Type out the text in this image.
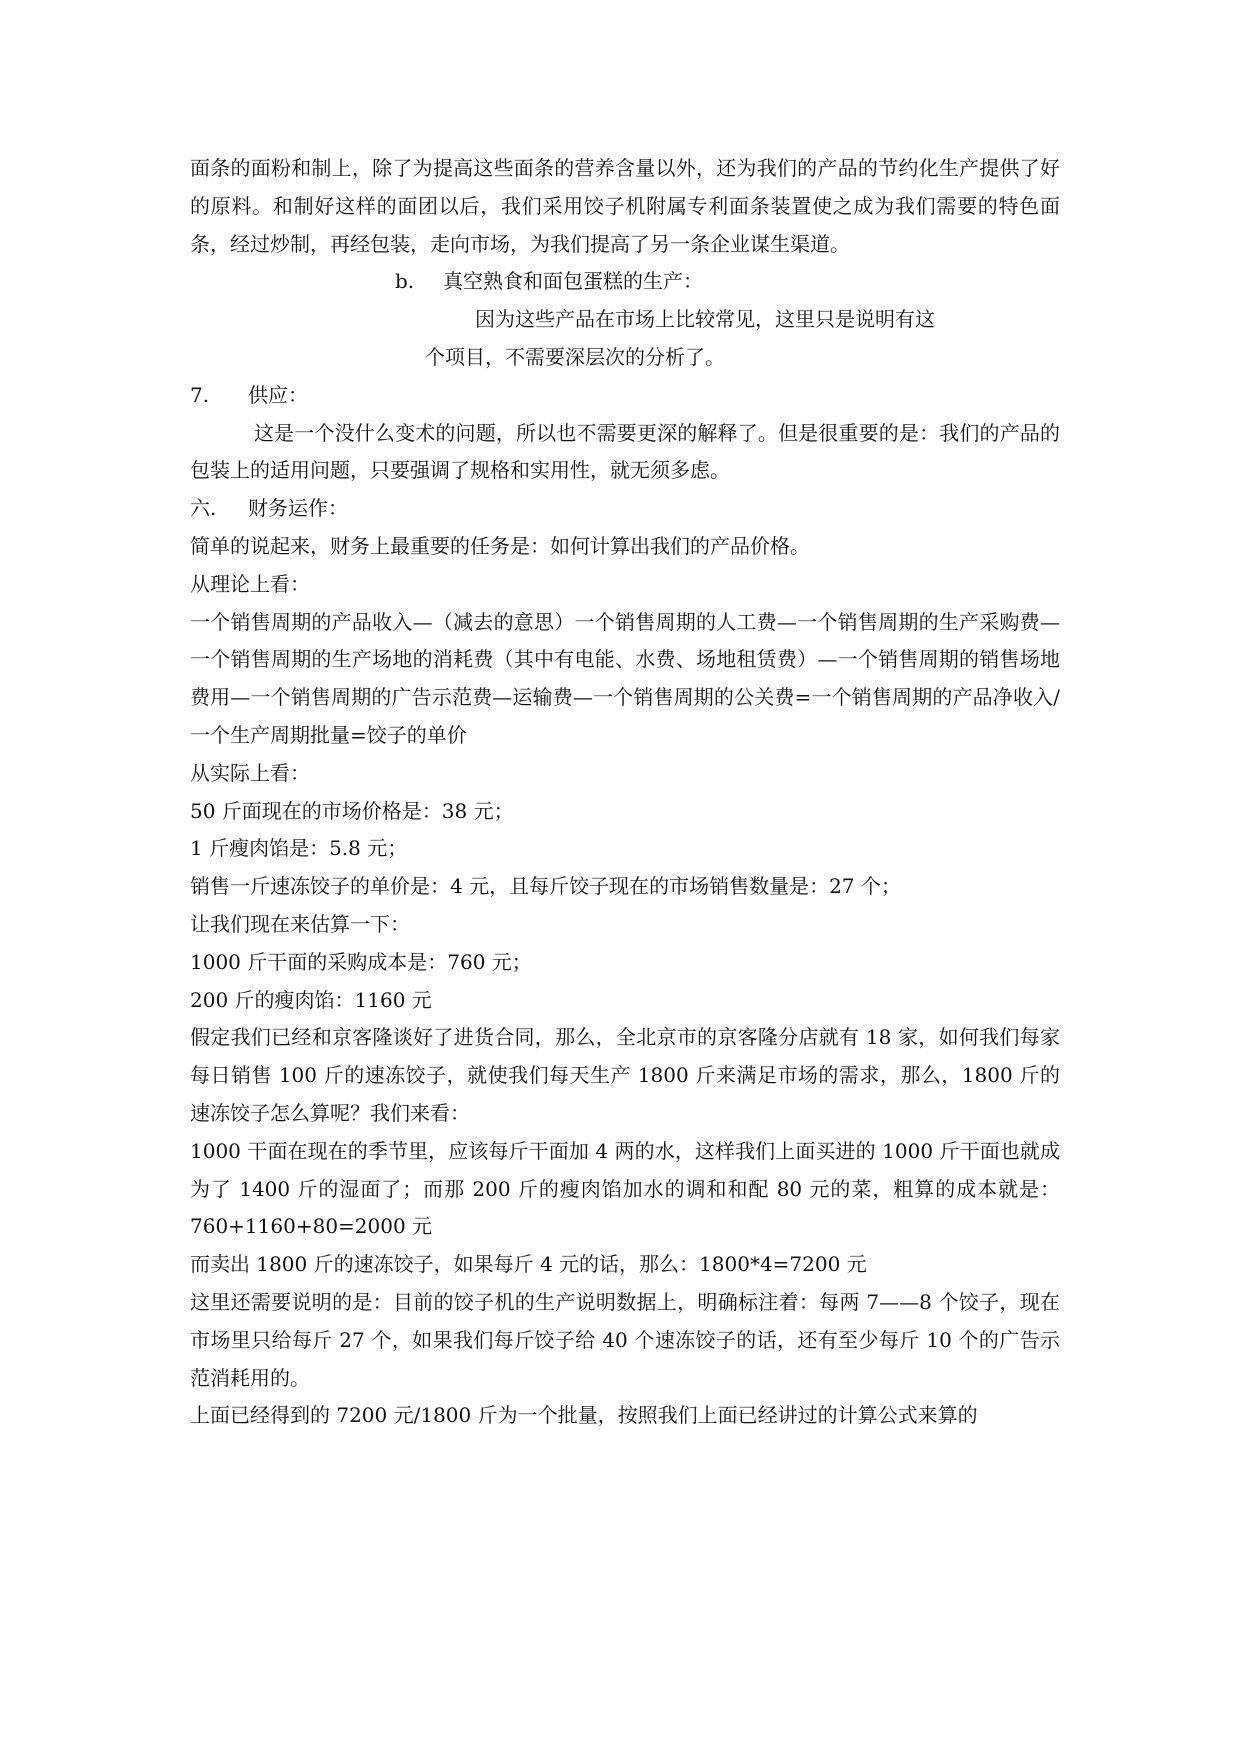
面条的面粉和制上，除了为提高这些面条的营养含量以外，还为我们的产品的节约化生产提供了好的原料。和制好这样的面团以后，我们采用饺子机附属专利面条装置使之成为我们需要的特色面条，经过炒制，再经包装，走向市场，为我们提高了另一条企业谋生渠道。

b. 真空熟食和面包蛋糕的生产：

因为这些产品在市场上比较常见，这里只是说明有这
个项目，不需要深层次的分析了。

7. 供应：

这是一个没什么变术的问题，所以也不需要更深的解释了。但是很重要的是：我们的产品的包装上的适用问题，只要强调了规格和实用性，就无须多虑。

六. 财务运作：

简单的说起来，财务上最重要的任务是：如何计算出我们的产品价格。

从理论上看：

一个销售周期的产品收入—（减去的意思）一个销售周期的人工费—一个销售周期的生产采购费—一个销售周期的生产场地的消耗费（其中有电能、水费、场地租赁费）—一个销售周期的销售场地费用—一个销售周期的广告示范费—运输费—一个销售周期的公关费=一个销售周期的产品净收入/一个生产周期批量=饺子的单价

从实际上看：

50 斤面现在的市场价格是：38 元；

1 斤瘦肉馅是：5.8 元；

销售一斤速冻饺子的单价是：4 元，且每斤饺子现在的市场销售数量是：27 个；

让我们现在来估算一下：

1000 斤干面的采购成本是：760 元；

200 斤的瘦肉馅：1160 元

假定我们已经和京客隆谈好了进货合同，那么，全北京市的京客隆分店就有 18 家，如何我们每家每日销售 100 斤的速冻饺子，就使我们每天生产 1800 斤来满足市场的需求，那么，1800 斤的速冻饺子怎么算呢？我们来看：

1000 干面在现在的季节里，应该每斤干面加 4 两的水，这样我们上面买进的 1000 斤干面也就成为了 1400 斤的湿面了；而那 200 斤的瘦肉馅加水的调和和配 80 元的菜，粗算的成本就是：760+1160+80=2000 元

而卖出 1800 斤的速冻饺子，如果每斤 4 元的话，那么：1800*4=7200 元

这里还需要说明的是：目前的饺子机的生产说明数据上，明确标注着：每两 7——8 个饺子，现在市场里只给每斤 27 个，如果我们每斤饺子给 40 个速冻饺子的话，还有至少每斤 10 个的广告示范消耗用的。

上面已经得到的 7200 元/1800 斤为一个批量，按照我们上面已经讲过的计算公式来算的
